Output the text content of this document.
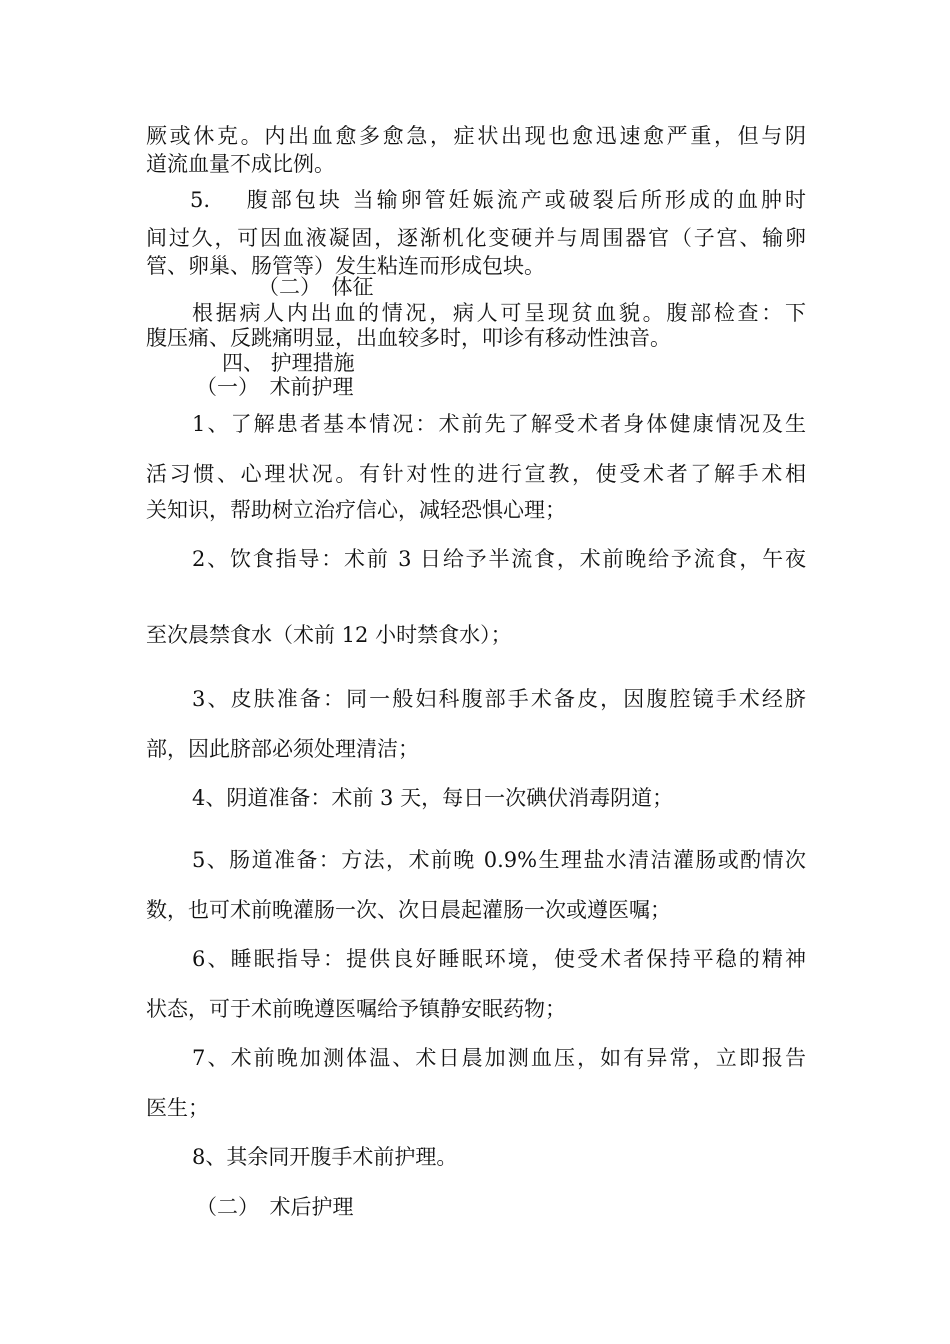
厥或休克。内出血愈多愈急，症状出现也愈迅速愈严重，但与阴
道流血量不成比例。
5.　 腹部包块 当输卵管妊娠流产或破裂后所形成的血肿时
间过久，可因血液凝固，逐渐机化变硬并与周围器官（子宫、输卵
管、卵巢、肠管等）发生粘连而形成包块。
（二）　体征
根据病人内出血的情况，病人可呈现贫血貌。腹部检查：下
腹压痛、反跳痛明显，出血较多时，叩诊有移动性浊音。
四、 护理措施
（一）　术前护理
1、了解患者基本情况：术前先了解受术者身体健康情况及生
活习惯、心理状况。有针对性的进行宣教，使受术者了解手术相
关知识，帮助树立治疗信心，减轻恐惧心理；
2、饮食指导：术前 3 日给予半流食，术前晚给予流食，午夜
至次晨禁食水（术前 12 小时禁食水）；
3、皮肤准备：同一般妇科腹部手术备皮，因腹腔镜手术经脐
部，因此脐部必须处理清洁；
4、阴道准备：术前 3 天，每日一次碘伏消毒阴道；
5、肠道准备：方法，术前晚 0.9%生理盐水清洁灌肠或酌情次
数，也可术前晚灌肠一次、次日晨起灌肠一次或遵医嘱；
6、睡眠指导：提供良好睡眠环境，使受术者保持平稳的精神
状态，可于术前晚遵医嘱给予镇静安眠药物；
7、术前晚加测体温、术日晨加测血压，如有异常，立即报告
医生；
8、其余同开腹手术前护理。
（二）　术后护理
